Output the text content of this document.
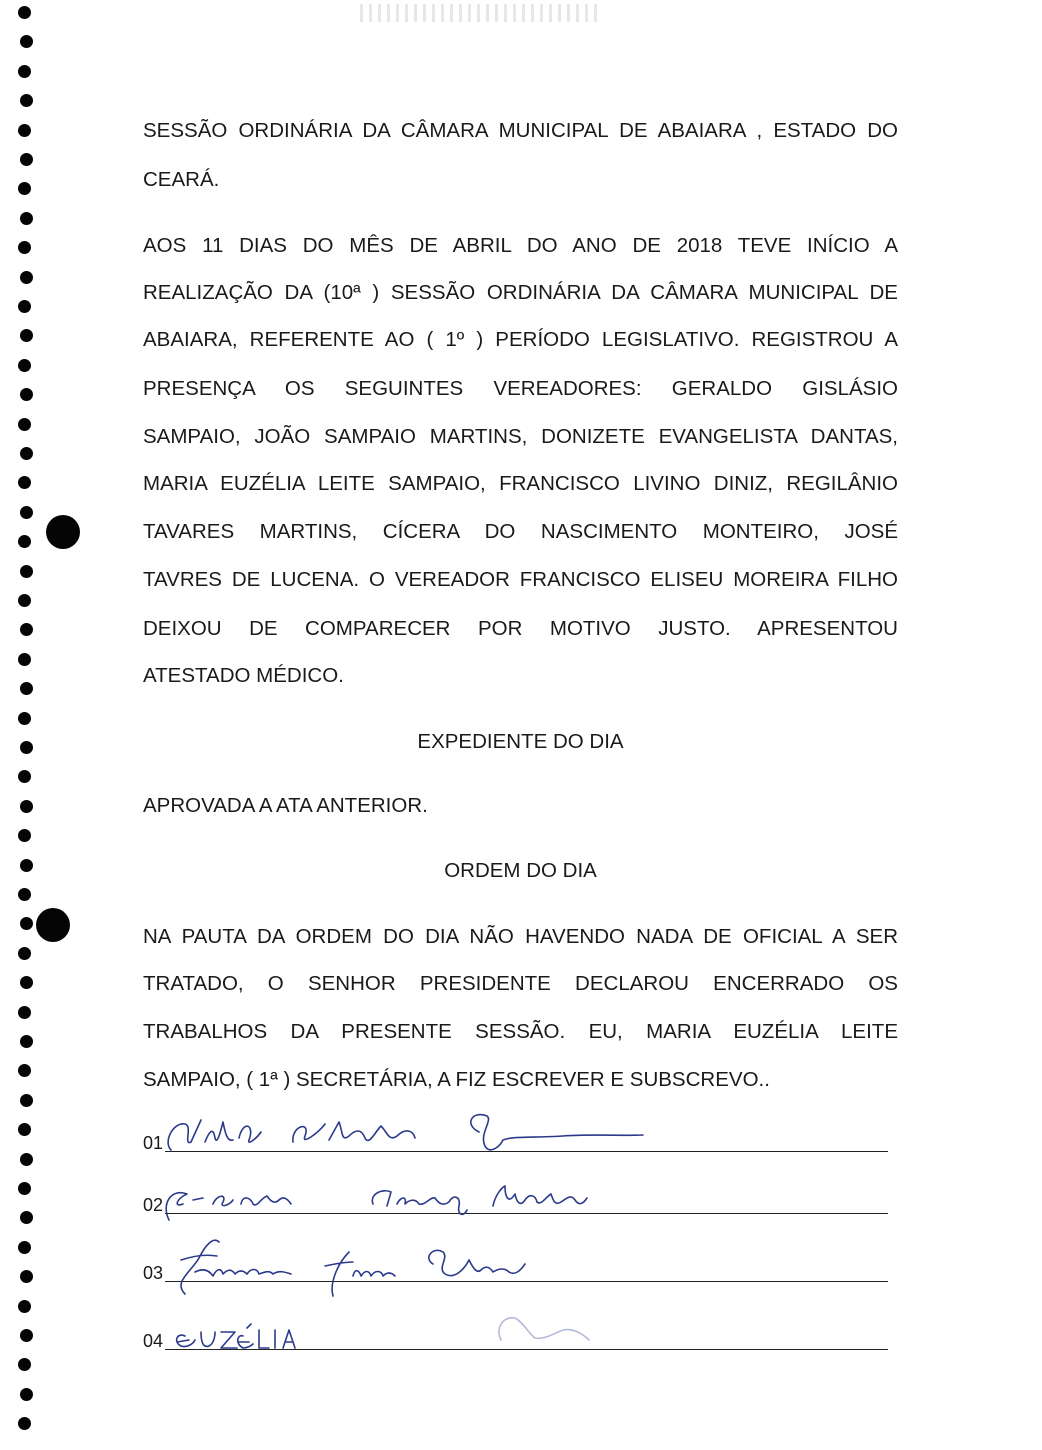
SESSÃO ORDINÁRIA DA CÂMARA MUNICIPAL DE ABAIARA , ESTADO DO
CEARÁ.
AOS 11 DIAS DO MÊS DE ABRIL DO ANO DE 2018 TEVE INÍCIO A
REALIZAÇÃO DA (10ª ) SESSÃO ORDINÁRIA DA CÂMARA MUNICIPAL DE
ABAIARA, REFERENTE AO ( 1º ) PERÍODO LEGISLATIVO. REGISTROU A
PRESENÇA OS SEGUINTES VEREADORES: GERALDO GISLÁSIO
SAMPAIO, JOÃO SAMPAIO MARTINS, DONIZETE EVANGELISTA DANTAS,
MARIA EUZÉLIA LEITE SAMPAIO, FRANCISCO LIVINO DINIZ, REGILÂNIO
TAVARES MARTINS, CÍCERA DO NASCIMENTO MONTEIRO, JOSÉ
TAVRES DE LUCENA. O VEREADOR FRANCISCO ELISEU MOREIRA FILHO
DEIXOU DE COMPARECER POR MOTIVO JUSTO. APRESENTOU
ATESTADO MÉDICO.
EXPEDIENTE DO DIA
APROVADA A ATA ANTERIOR.
ORDEM DO DIA
NA PAUTA DA ORDEM DO DIA NÃO HAVENDO NADA DE OFICIAL A SER
TRATADO, O SENHOR PRESIDENTE DECLAROU ENCERRADO OS
TRABALHOS DA PRESENTE SESSÃO. EU, MARIA EUZÉLIA LEITE
SAMPAIO, ( 1ª ) SECRETÁRIA, A FIZ ESCREVER E SUBSCREVO..
01
02
03
04
